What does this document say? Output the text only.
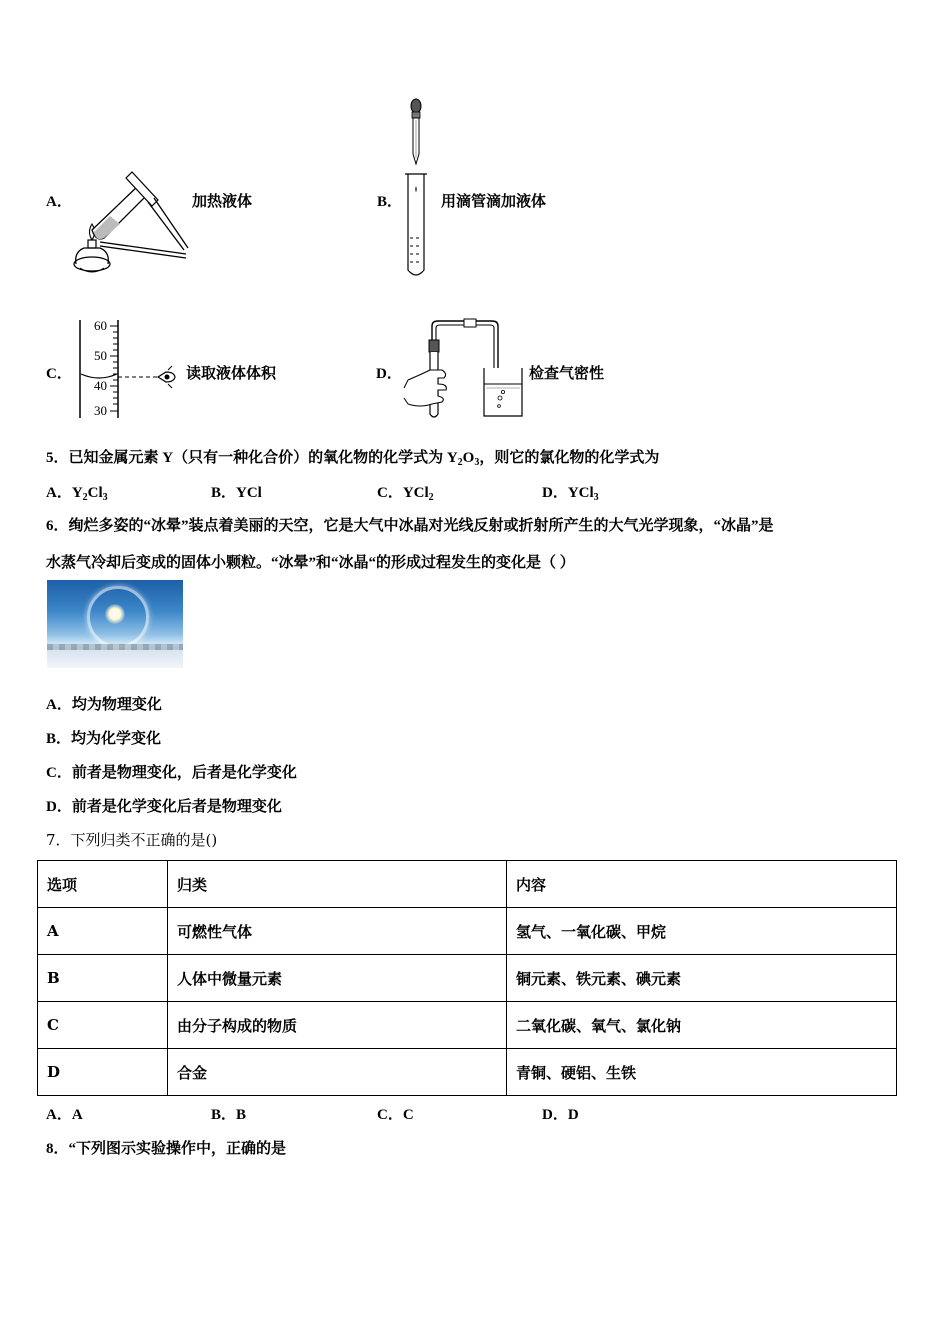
A．	加热液体	B．	用滴管滴加液体
C．
60
50
40
30
读取液体体积	D．	检查气密性
5．已知金属元素 Y（只有一种化合价）的氧化物的化学式为 $Y_2O_3$，则它的氯化物的化学式为
A．$Y_2Cl_3$	B．YCl	C．YCl$_2$	D．YCl$_3$
6．绚烂多姿的“冰晕”装点着美丽的天空，它是大气中冰晶对光线反射或折射所产生的大气光学现象，“冰晶”是
水蒸气冷却后变成的固体小颗粒。“冰晕”和“冰晶“的形成过程发生的变化是（ ）
A．均为物理变化
B．均为化学变化
C．前者是物理变化，后者是化学变化
D．前者是化学变化后者是物理变化
7．下列归类不正确的是()
选项	归类	内容
A	可燃性气体	氢气、一氧化碳、甲烷
B	人体中微量元素	铜元素、铁元素、碘元素
C	由分子构成的物质	二氧化碳、氧气、氯化钠
D	合金	青铜、硬铝、生铁
A．A	B．B	C．C	D．D
8．“下列图示实验操作中，正确的是
